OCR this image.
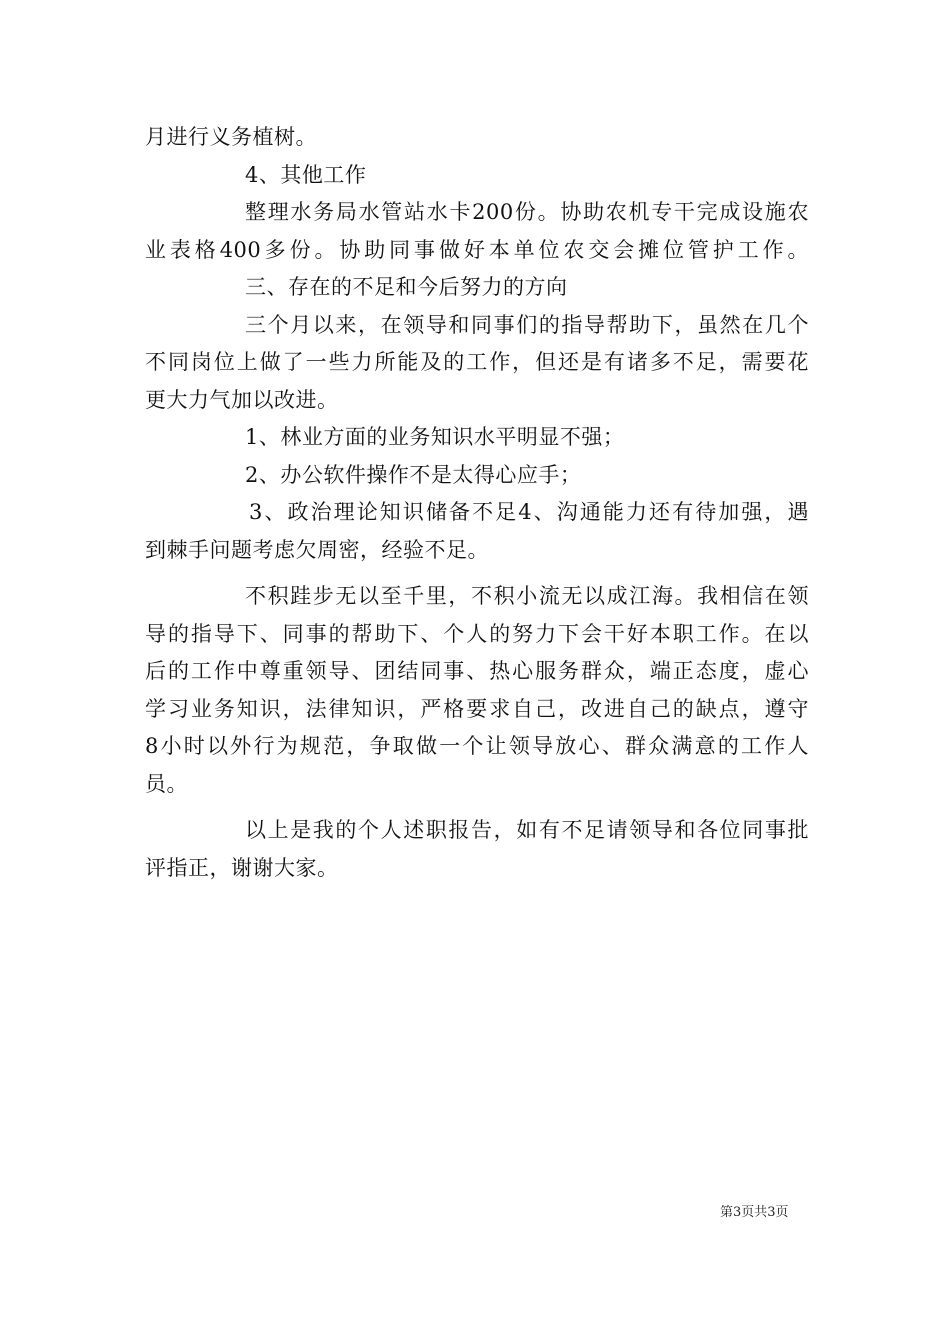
月进行义务植树。
4、其他工作
整理水务局水管站水卡200份。协助农机专干完成设施农
业表格400多份。协助同事做好本单位农交会摊位管护工作。
三、存在的不足和今后努力的方向
三个月以来，在领导和同事们的指导帮助下，虽然在几个
不同岗位上做了一些力所能及的工作，但还是有诸多不足，需要花
更大力气加以改进。
1、林业方面的业务知识水平明显不强；
2、办公软件操作不是太得心应手；
3、政治理论知识储备不足4、沟通能力还有待加强，遇
到棘手问题考虑欠周密，经验不足。
不积跬步无以至千里，不积小流无以成江海。我相信在领
导的指导下、同事的帮助下、个人的努力下会干好本职工作。在以
后的工作中尊重领导、团结同事、热心服务群众，端正态度，虚心
学习业务知识，法律知识，严格要求自己，改进自己的缺点，遵守
8小时以外行为规范，争取做一个让领导放心、群众满意的工作人
员。
以上是我的个人述职报告，如有不足请领导和各位同事批
评指正，谢谢大家。
第3页共3页
